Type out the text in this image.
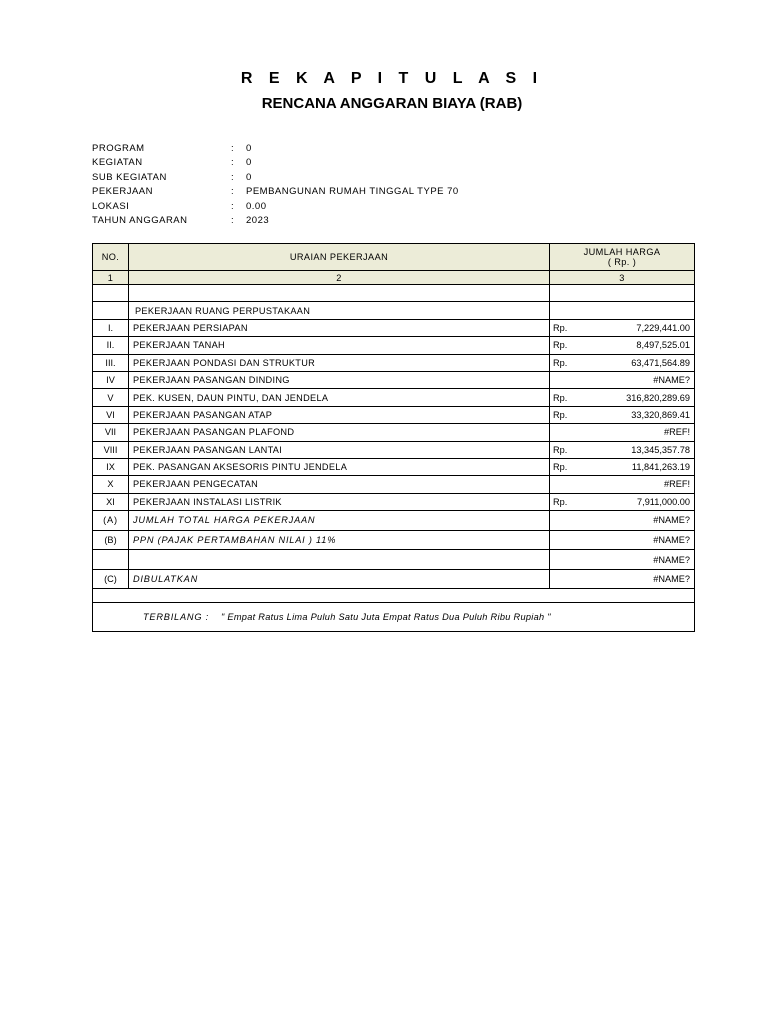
R E K A P I T U L A S I
RENCANA ANGGARAN BIAYA (RAB)
PROGRAM	: 0
KEGIATAN	: 0
SUB KEGIATAN	: 0
PEKERJAAN	: PEMBANGUNAN RUMAH TINGGAL TYPE 70
LOKASI	: 0.00
TAHUN ANGGARAN	: 2023
NO.	URAIAN PEKERJAAN	JUMLAH HARGA
( Rp. )

1	2	3

	PEKERJAAN RUANG PERPUSTAKAAN	
I.	PEKERJAAN PERSIAPAN	Rp. 7,229,441.00

II.	PEKERJAAN TANAH	Rp. 8,497,525.01

III.	PEKERJAAN PONDASI DAN STRUKTUR	Rp. 63,471,564.89

IV	PEKERJAAN PASANGAN DINDING	#NAME?

V	PEK. KUSEN, DAUN PINTU, DAN JENDELA	Rp. 316,820,289.69

VI	PEKERJAAN PASANGAN ATAP	Rp. 33,320,869.41

VII	PEKERJAAN PASANGAN PLAFOND	#REF!

VIII	PEKERJAAN PASANGAN LANTAI	Rp. 13,345,357.78

IX	PEK. PASANGAN AKSESORIS PINTU JENDELA	Rp. 11,841,263.19

X	PEKERJAAN PENGECATAN	#REF!

XI	PEKERJAAN INSTALASI LISTRIK	Rp. 7,911,000.00

(A)	JUMLAH TOTAL HARGA PEKERJAAN	#NAME?
(B)	PPN (PAJAK PERTAMBAHAN NILAI ) 11%	#NAME?
		#NAME?
(C)	DIBULATKAN	#NAME?

TERBILANG : " Empat Ratus Lima Puluh Satu Juta Empat Ratus Dua Puluh Ribu Rupiah "		
